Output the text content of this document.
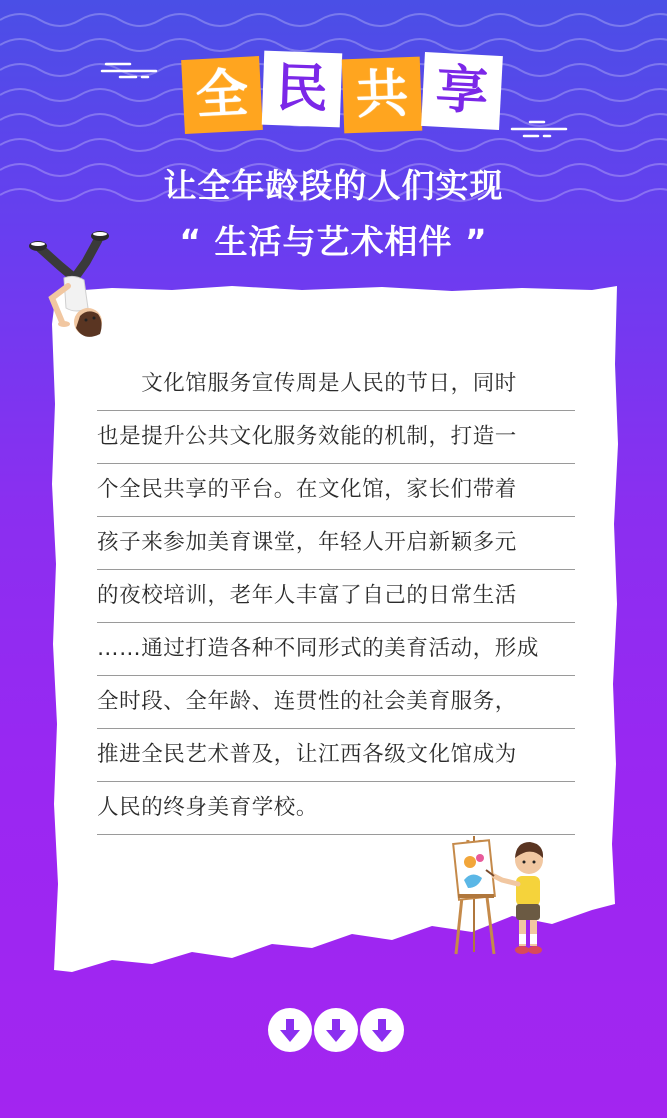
全 民 共 享
让全年龄段的人们实现
“ 生活与艺术相伴 ”
　　文化馆服务宣传周是人民的节日，同时
也是提升公共文化服务效能的机制，打造一
个全民共享的平台。在文化馆，家长们带着
孩子来参加美育课堂，年轻人开启新颖多元
的夜校培训，老年人丰富了自己的日常生活
……通过打造各种不同形式的美育活动，形成
全时段、全年龄、连贯性的社会美育服务，
推进全民艺术普及，让江西各级文化馆成为
人民的终身美育学校。
